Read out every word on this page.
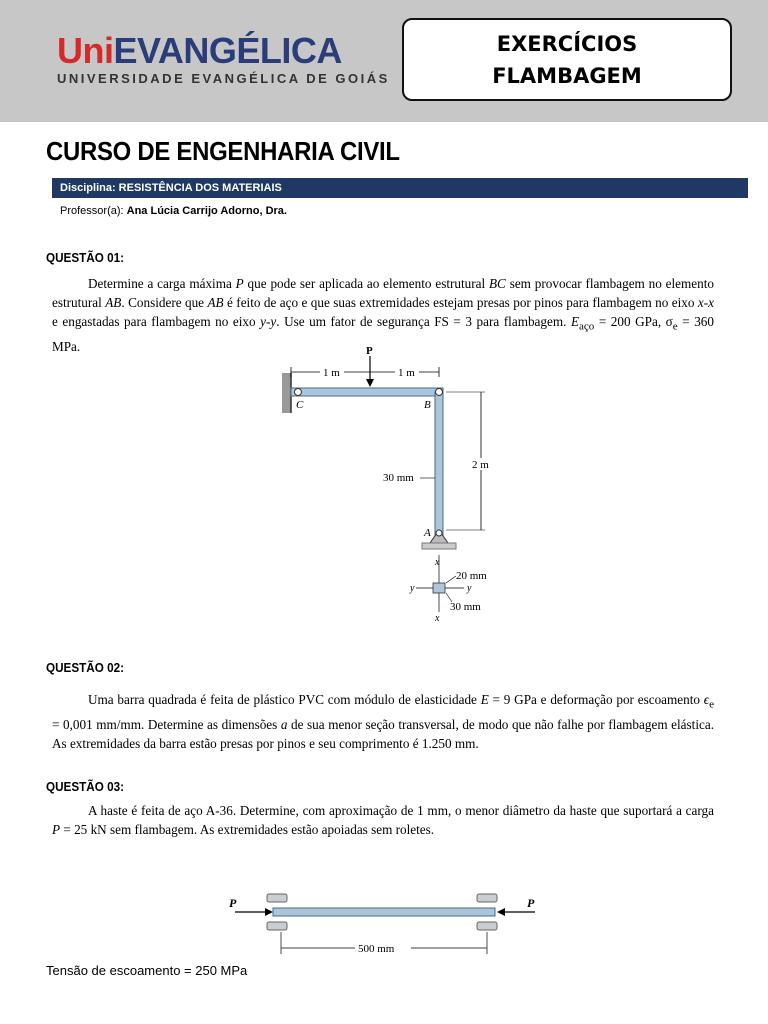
UniEVANGÉLICA
UNIVERSIDADE EVANGÉLICA DE GOIÁS
EXERCÍCIOS
FLAMBAGEM
CURSO DE ENGENHARIA CIVIL
Disciplina: RESISTÊNCIA DOS MATERIAIS
Professor(a): Ana Lúcia Carrijo Adorno, Dra.
QUESTÃO 01:
Determine a carga máxima P que pode ser aplicada ao elemento estrutural BC sem provocar flambagem no elemento estrutural AB. Considere que AB é feito de aço e que suas extremidades estejam presas por pinos para flambagem no eixo x-x e engastadas para flambagem no eixo y-y. Use um fator de segurança FS = 3 para flambagem. $E_{aço} = 200$ GPa, $\sigma_e = 360$ MPa.	P
1 m	1 m
C	B
A
2 m
30 mm
x
x
y	y
20 mm
30 mm
QUESTÃO 02:
Uma barra quadrada é feita de plástico PVC com módulo de elasticidade E = 9 GPa e deformação por escoamento $\epsilon_e = 0,001$ mm/mm. Determine as dimensões a de sua menor seção transversal, de modo que não falhe por flambagem elástica. As extremidades da barra estão presas por pinos e seu comprimento é 1.250 mm.
QUESTÃO 03:
A haste é feita de aço A-36. Determine, com aproximação de 1 mm, o menor diâmetro da haste que suportará a carga P = 25 kN sem flambagem. As extremidades estão apoiadas sem roletes.
P	P
500 mm
Tensão de escoamento = 250 MPa
